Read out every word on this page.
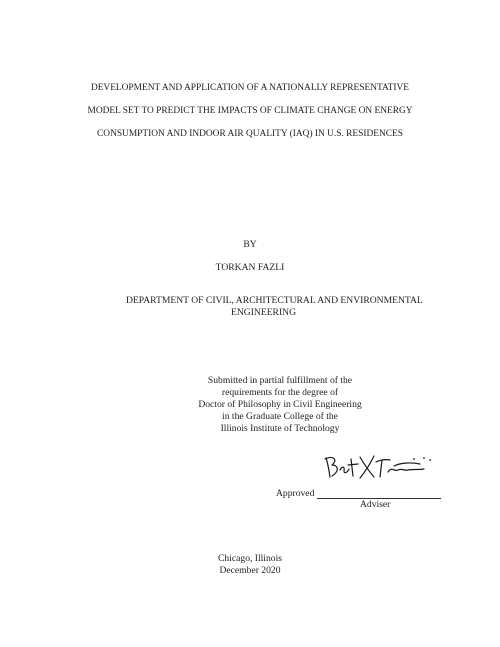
DEVELOPMENT AND APPLICATION OF A NATIONALLY REPRESENTATIVE
MODEL SET TO PREDICT THE IMPACTS OF CLIMATE CHANGE ON ENERGY
CONSUMPTION AND INDOOR AIR QUALITY (IAQ) IN U.S. RESIDENCES
BY
TORKAN FAZLI
DEPARTMENT OF CIVIL, ARCHITECTURAL AND ENVIRONMENTAL
ENGINEERING
Submitted in partial fulfillment of the
requirements for the degree of
Doctor of Philosophy in Civil Engineering
in the Graduate College of the
Illinois Institute of Technology
Approved
Adviser
Chicago, Illinois
December 2020
